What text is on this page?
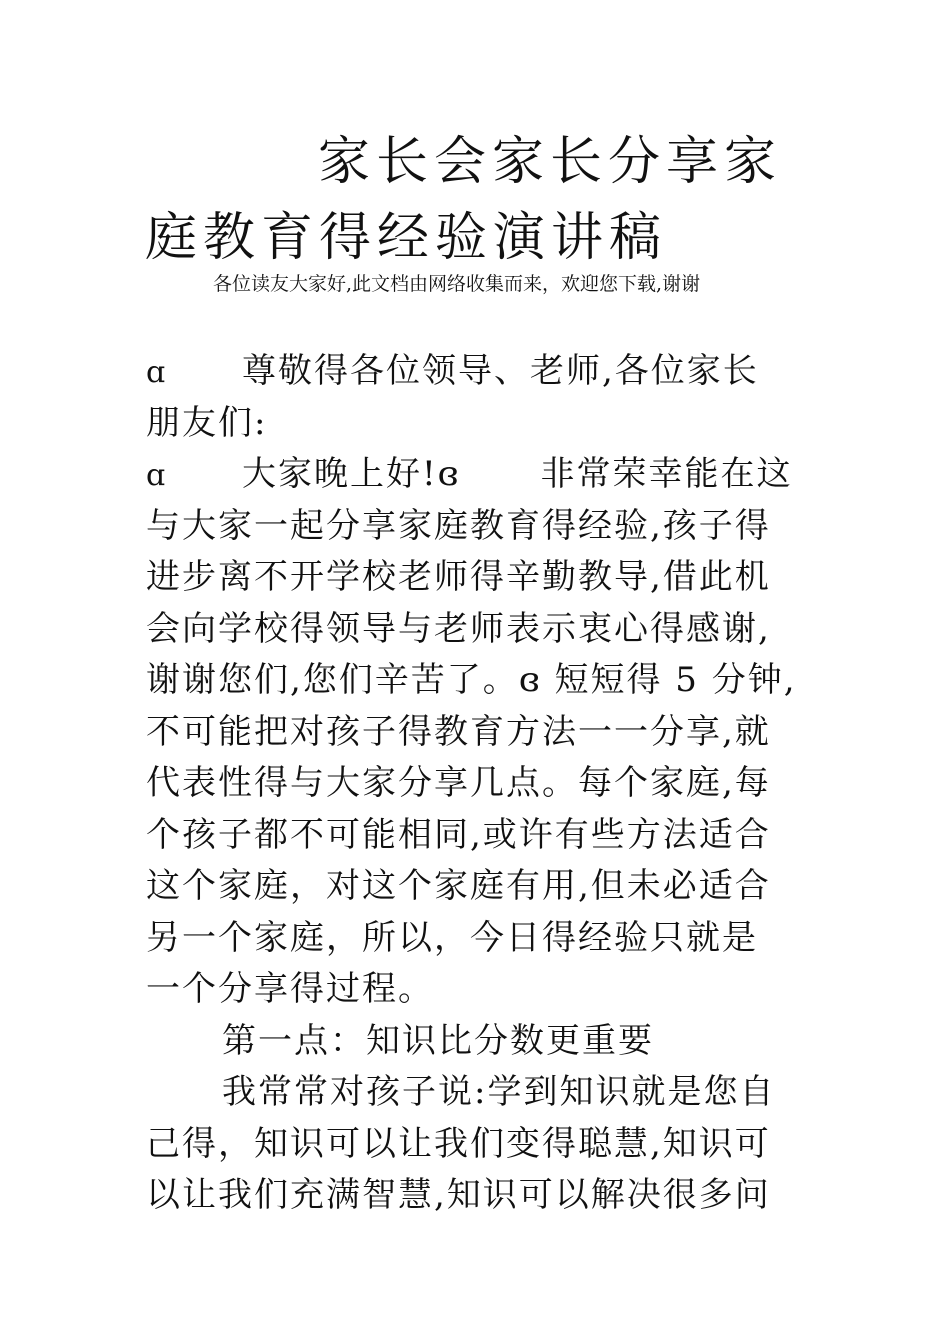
家长会家长分享家
庭教育得经验演讲稿
各位读友大家好,此文档由网络收集而来，欢迎您下载,谢谢
ɑ 尊敬得各位领导、老师,各位家长
朋友们:
ɑ 大家晚上好!ɞ 非常荣幸能在这
与大家一起分享家庭教育得经验,孩子得
进步离不开学校老师得辛勤教导,借此机
会向学校得领导与老师表示衷心得感谢,
谢谢您们,您们辛苦了。ɞ 短短得 5 分钟,
不可能把对孩子得教育方法一一分享,就
代表性得与大家分享几点。每个家庭,每
个孩子都不可能相同,或许有些方法适合
这个家庭，对这个家庭有用,但未必适合
另一个家庭，所以，今日得经验只就是
一个分享得过程。
第一点：知识比分数更重要
我常常对孩子说:学到知识就是您自
己得，知识可以让我们变得聪慧,知识可
以让我们充满智慧,知识可以解决很多问
